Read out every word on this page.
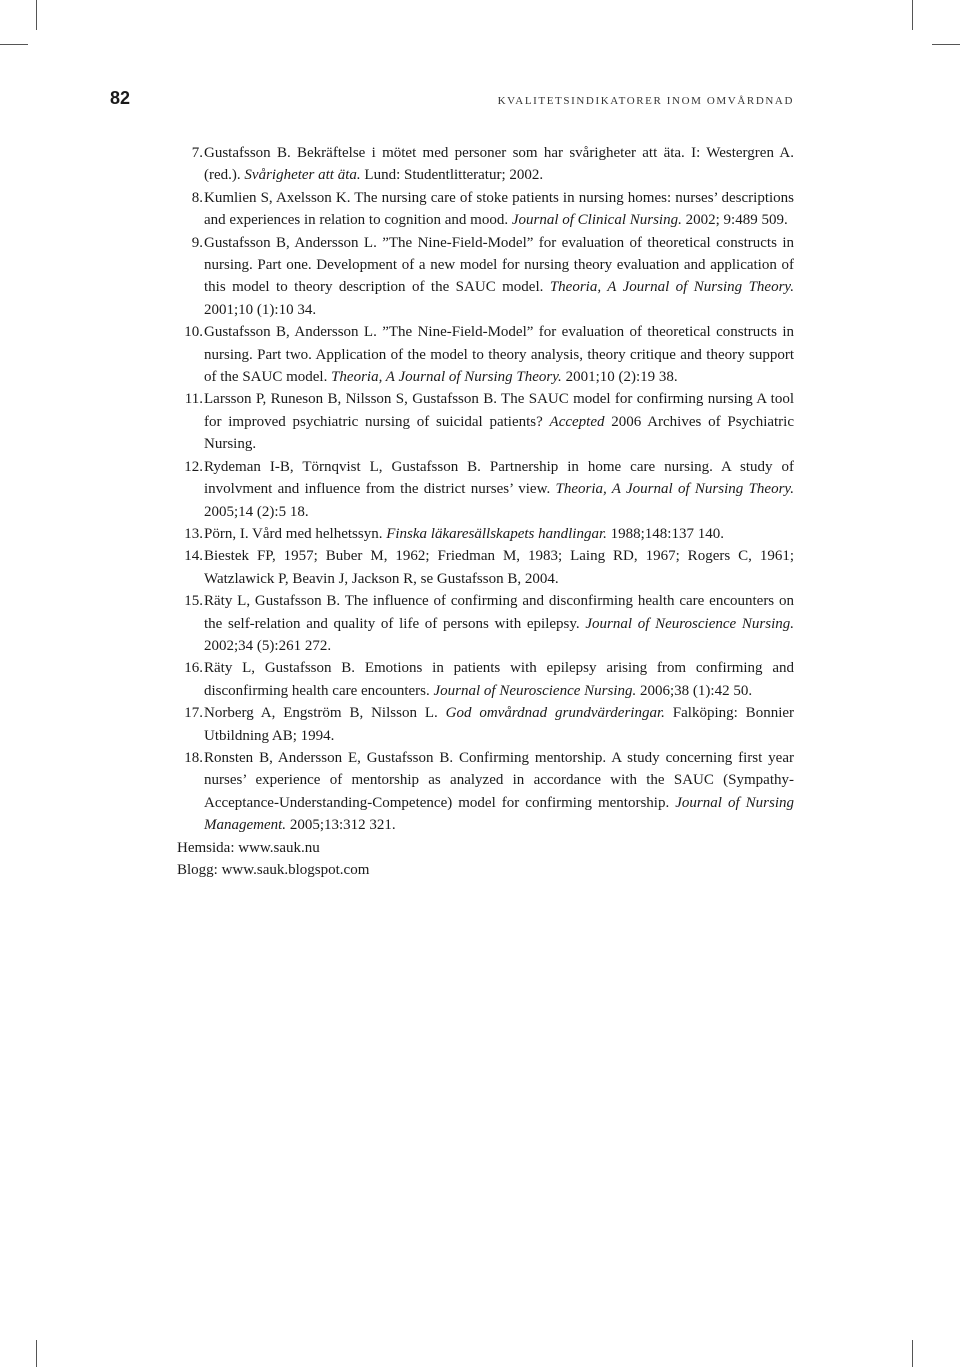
82	KVALITETSINDIKATORER INOM OMVÅRDNAD

7. Gustafsson B. Bekräftelse i mötet med personer som har svårigheter att äta. I: Westergren A. (red.). Svårigheter att äta. Lund: Studentlitteratur; 2002.

8. Kumlien S, Axelsson K. The nursing care of stoke patients in nursing homes: nurses’ descriptions and experiences in relation to cognition and mood. Journal of Clinical Nursing. 2002; 9:489 509.

9. Gustafsson B, Andersson L. ”The Nine-Field-Model” for evaluation of theoretical constructs in nursing. Part one. Development of a new model for nursing theory evaluation and application of this model to theory description of the SAUC model. Theoria, A Journal of Nursing Theory. 2001;10 (1):10 34.

10. Gustafsson B, Andersson L. ”The Nine-Field-Model” for evaluation of theoretical constructs in nursing. Part two. Application of the model to theory analysis, theory critique and theory support of the SAUC model. Theoria, A Journal of Nursing Theory. 2001;10 (2):19 38.

11. Larsson P, Runeson B, Nilsson S, Gustafsson B. The SAUC model for confirming nursing A tool for improved psychiatric nursing of suicidal patients? Accepted 2006 Archives of Psychiatric Nursing.

12. Rydeman I-B, Törnqvist L, Gustafsson B. Partnership in home care nursing. A study of involvment and influence from the district nurses’ view. Theoria, A Journal of Nursing Theory. 2005;14 (2):5 18.

13. Pörn, I. Vård med helhetssyn. Finska läkaresällskapets handlingar. 1988;148:137 140.

14. Biestek FP, 1957; Buber M, 1962; Friedman M, 1983; Laing RD, 1967; Rogers C, 1961; Watzlawick P, Beavin J, Jackson R, se Gustafsson B, 2004.

15. Räty L, Gustafsson B. The influence of confirming and disconfirming health care encounters on the self-relation and quality of life of persons with epilepsy. Journal of Neuroscience Nursing. 2002;34 (5):261 272.

16. Räty L, Gustafsson B. Emotions in patients with epilepsy arising from confirming and disconfirming health care encounters. Journal of Neuroscience Nursing. 2006;38 (1):42 50.

17. Norberg A, Engström B, Nilsson L. God omvårdnad grundvärderingar. Falköping: Bonnier Utbildning AB; 1994.

18. Ronsten B, Andersson E, Gustafsson B. Confirming mentorship. A study concerning first year nurses’ experience of mentorship as analyzed in accordance with the SAUC (Sympathy-Acceptance-Understanding-Competence) model for confirming mentorship. Journal of Nursing Management. 2005;13:312 321.

Hemsida: www.sauk.nu

Blogg: www.sauk.blogspot.com
